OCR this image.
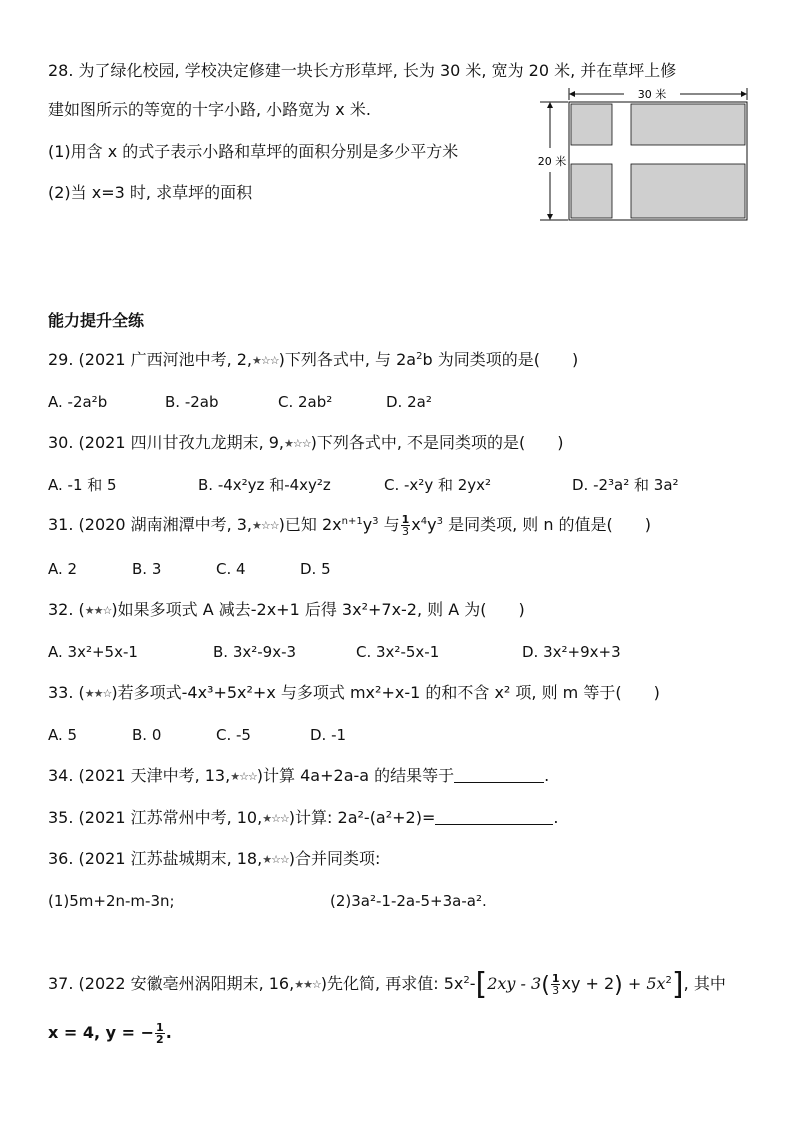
28. 为了绿化校园, 学校决定修建一块长方形草坪, 长为 30 米, 宽为 20 米, 并在草坪上修
建如图所示的等宽的十字小路, 小路宽为 x 米.
(1)用含 x 的式子表示小路和草坪的面积分别是多少平方米
(2)当 x=3 时, 求草坪的面积
30 米
20 米
能力提升全练
29. (2021 广西河池中考, 2,★☆☆)下列各式中, 与 $2a^2b$ 为同类项的是(　　)
A. -2a²b	B. -2ab	C. 2ab²	D. 2a²
30. (2021 四川甘孜九龙期末, 9,★☆☆)下列各式中, 不是同类项的是(　　)
A. -1 和 5	B. -4x²yz 和-4xy²z	C. -x²y 和 2yx²	D. -2³a² 和 3a²
31. (2020 湖南湘潭中考, 3,★☆☆)已知 $2x^{n+1}y^3$ 与 $\frac{1}{3} x^4y^3$ 是同类项, 则 n 的值是(　　)
A. 2	B. 3	C. 4	D. 5
32. (★★☆)如果多项式 A 减去-2x+1 后得 3x²+7x-2, 则 A 为(　　)
A. 3x²+5x-1	B. 3x²-9x-3	C. 3x²-5x-1	D. 3x²+9x+3
33. (★★☆)若多项式-4x³+5x²+x 与多项式 mx²+x-1 的和不含 x² 项, 则 m 等于(　　)
A. 5	B. 0	C. -5	D. -1
34. (2021 天津中考, 13,★☆☆)计算 4a+2a-a 的结果等于	.
35. (2021 江苏常州中考, 10,★☆☆)计算: 2a²-(a²+2)=	.
36. (2021 江苏盐城期末, 18,★☆☆)合并同类项:
(1)5m+2n-m-3n;	(2)3a²-1-2a-5+3a-a².
37. (2022 安徽亳州涡阳期末, 16,★★☆)先化简, 再求值: $5x^2-[2xy - 3( \frac{1}{3}$ xy + $2) + 5x^2$], 其中
x = 4, y = − $\frac{1}{2}$ .
